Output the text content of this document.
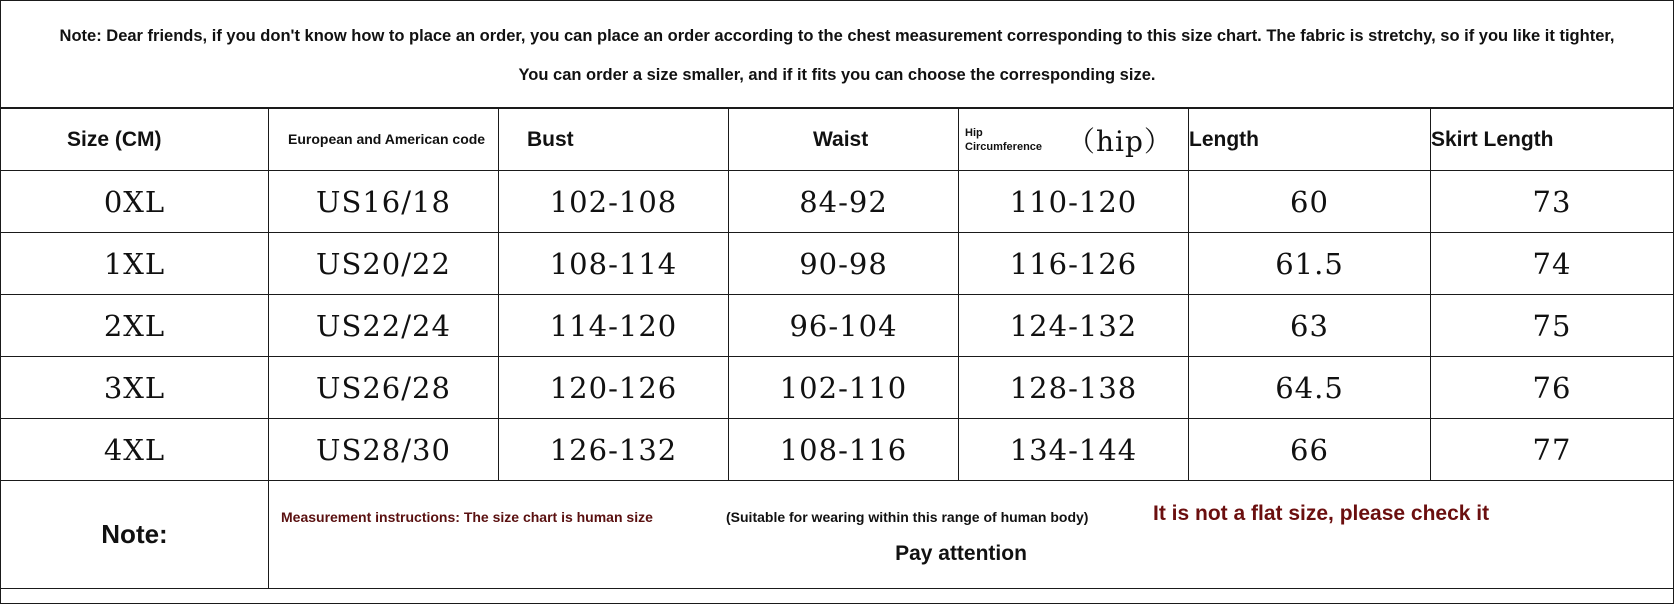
Note: Dear friends, if you don't know how to place an order, you can place an order according to the chest measurement corresponding to this size chart. The fabric is stretchy, so if you like it tighter,
You can order a size smaller, and if it fits you can choose the corresponding size.
Size (CM)	European and American code	Bust	Waist	Hip Circumference （hip）	Length	Skirt Length
0XL	US16/18	102-108	84-92	110-120	60	73
1XL	US20/22	108-114	90-98	116-126	61.5	74
2XL	US22/24	114-120	96-104	124-132	63	75
3XL	US26/28	120-126	102-110	128-138	64.5	76
4XL	US28/30	126-132	108-116	134-144	66	77
Note:	Measurement instructions: The size chart is human size (Suitable for wearing within this range of human body) It is not a flat size, please check it
Pay attention					
